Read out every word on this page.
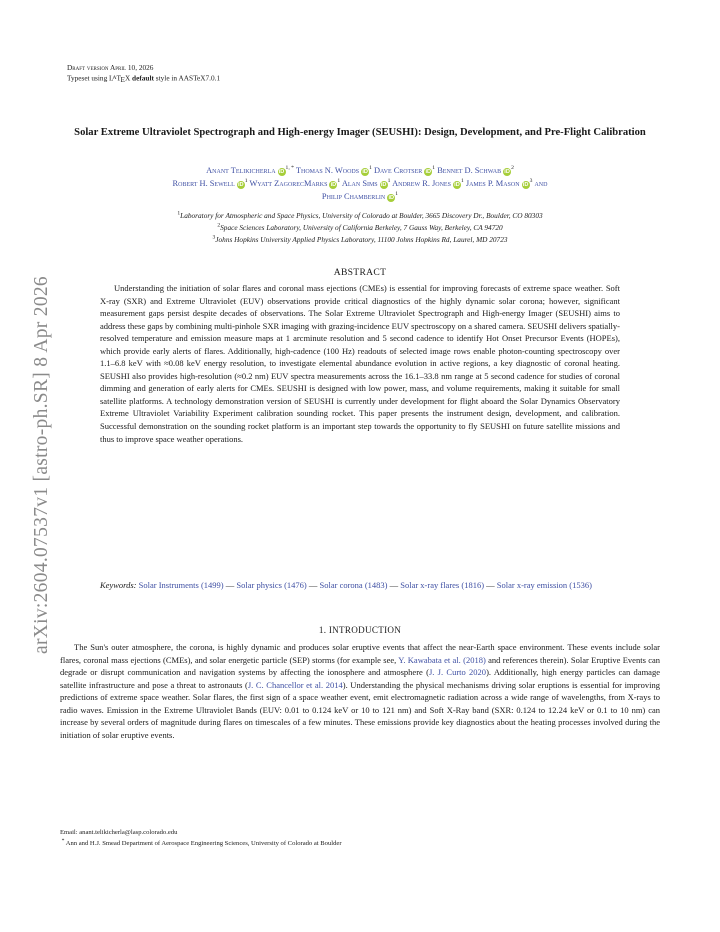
arXiv:2604.07537v1 [astro-ph.SR] 8 Apr 2026
Draft version April 10, 2026
Typeset using $L^ATEX$ default style in AASTeX7.0.1
Solar Extreme Ultraviolet Spectrograph and High-energy Imager (SEUSHI): Design, Development, and Pre-Flight Calibration
Anant Telikicherla $iD^{1, *}$ Thomas N. Woods $iD^1$ Dave Crotser $iD^1$ Bennet D. Schwab $iD^2$
Robert H. Sewell $iD^1$ Wyatt ZagorecMarks $iD^1$ Alan Sims $iD^1$ Andrew R. Jones $iD^1$ James P. Mason $iD^3$ and
Philip Chamberlin $iD^1$
$^1$Laboratory for Atmospheric and Space Physics, University of Colorado at Boulder, 3665 Discovery Dr., Boulder, CO 80303
$^2$Space Sciences Laboratory, University of California Berkeley, 7 Gauss Way, Berkeley, CA 94720
$^3$Johns Hopkins University Applied Physics Laboratory, 11100 Johns Hopkins Rd, Laurel, MD 20723
ABSTRACT
Understanding the initiation of solar flares and coronal mass ejections (CMEs) is essential for improving forecasts of extreme space weather. Soft X-ray (SXR) and Extreme Ultraviolet (EUV) observations provide critical diagnostics of the highly dynamic solar corona; however, significant measurement gaps persist despite decades of observations. The Solar Extreme Ultraviolet Spectrograph and High-energy Imager (SEUSHI) aims to address these gaps by combining multi-pinhole SXR imaging with grazing-incidence EUV spectroscopy on a shared camera. SEUSHI delivers spatially-resolved temperature and emission measure maps at 1 arcminute resolution and 5 second cadence to identify Hot Onset Precursor Events (HOPEs), which provide early alerts of flares. Additionally, high-cadence (100 Hz) readouts of selected image rows enable photon-counting spectroscopy over 1.1–6.8 keV with ≈0.08 keV energy resolution, to investigate elemental abundance evolution in active regions, a key diagnostic of coronal heating. SEUSHI also provides high-resolution (≈0.2 nm) EUV spectra measurements across the 16.1–33.8 nm range at 5 second cadence for studies of coronal dimming and generation of early alerts for CMEs. SEUSHI is designed with low power, mass, and volume requirements, making it suitable for small satellite platforms. A technology demonstration version of SEUSHI is currently under development for flight aboard the Solar Dynamics Observatory Extreme Ultraviolet Variability Experiment calibration sounding rocket. This paper presents the instrument design, development, and calibration. Successful demonstration on the sounding rocket platform is an important step towards the opportunity to fly SEUSHI on future satellite missions and thus to improve space weather operations.
Keywords: Solar Instruments (1499) — Solar physics (1476) — Solar corona (1483) — Solar x-ray flares (1816) — Solar x-ray emission (1536)
1. INTRODUCTION
The Sun's outer atmosphere, the corona, is highly dynamic and produces solar eruptive events that affect the near-Earth space environment. These events include solar flares, coronal mass ejections (CMEs), and solar energetic particle (SEP) storms (for example see, Y. Kawabata et al. (2018) and references therein). Solar Eruptive Events can degrade or disrupt communication and navigation systems by affecting the ionosphere and atmosphere (J. J. Curto 2020). Additionally, high energy particles can damage satellite infrastructure and pose a threat to astronauts (J. C. Chancellor et al. 2014). Understanding the physical mechanisms driving solar eruptions is essential for improving predictions of extreme space weather. Solar flares, the first sign of a space weather event, emit electromagnetic radiation across a wide range of wavelengths, from X-rays to radio waves. Emission in the Extreme Ultraviolet Bands (EUV: 0.01 to 0.124 keV or 10 to 121 nm) and Soft X-Ray band (SXR: 0.124 to 12.24 keV or 0.1 to 10 nm) can increase by several orders of magnitude during flares on timescales of a few minutes. These emissions provide key diagnostics about the heating processes involved during the initiation of solar eruptive events.
Email: anant.telikicherla@lasp.colorado.edu
* Ann and H.J. Smead Department of Aerospace Engineering Sciences, University of Colorado at Boulder
